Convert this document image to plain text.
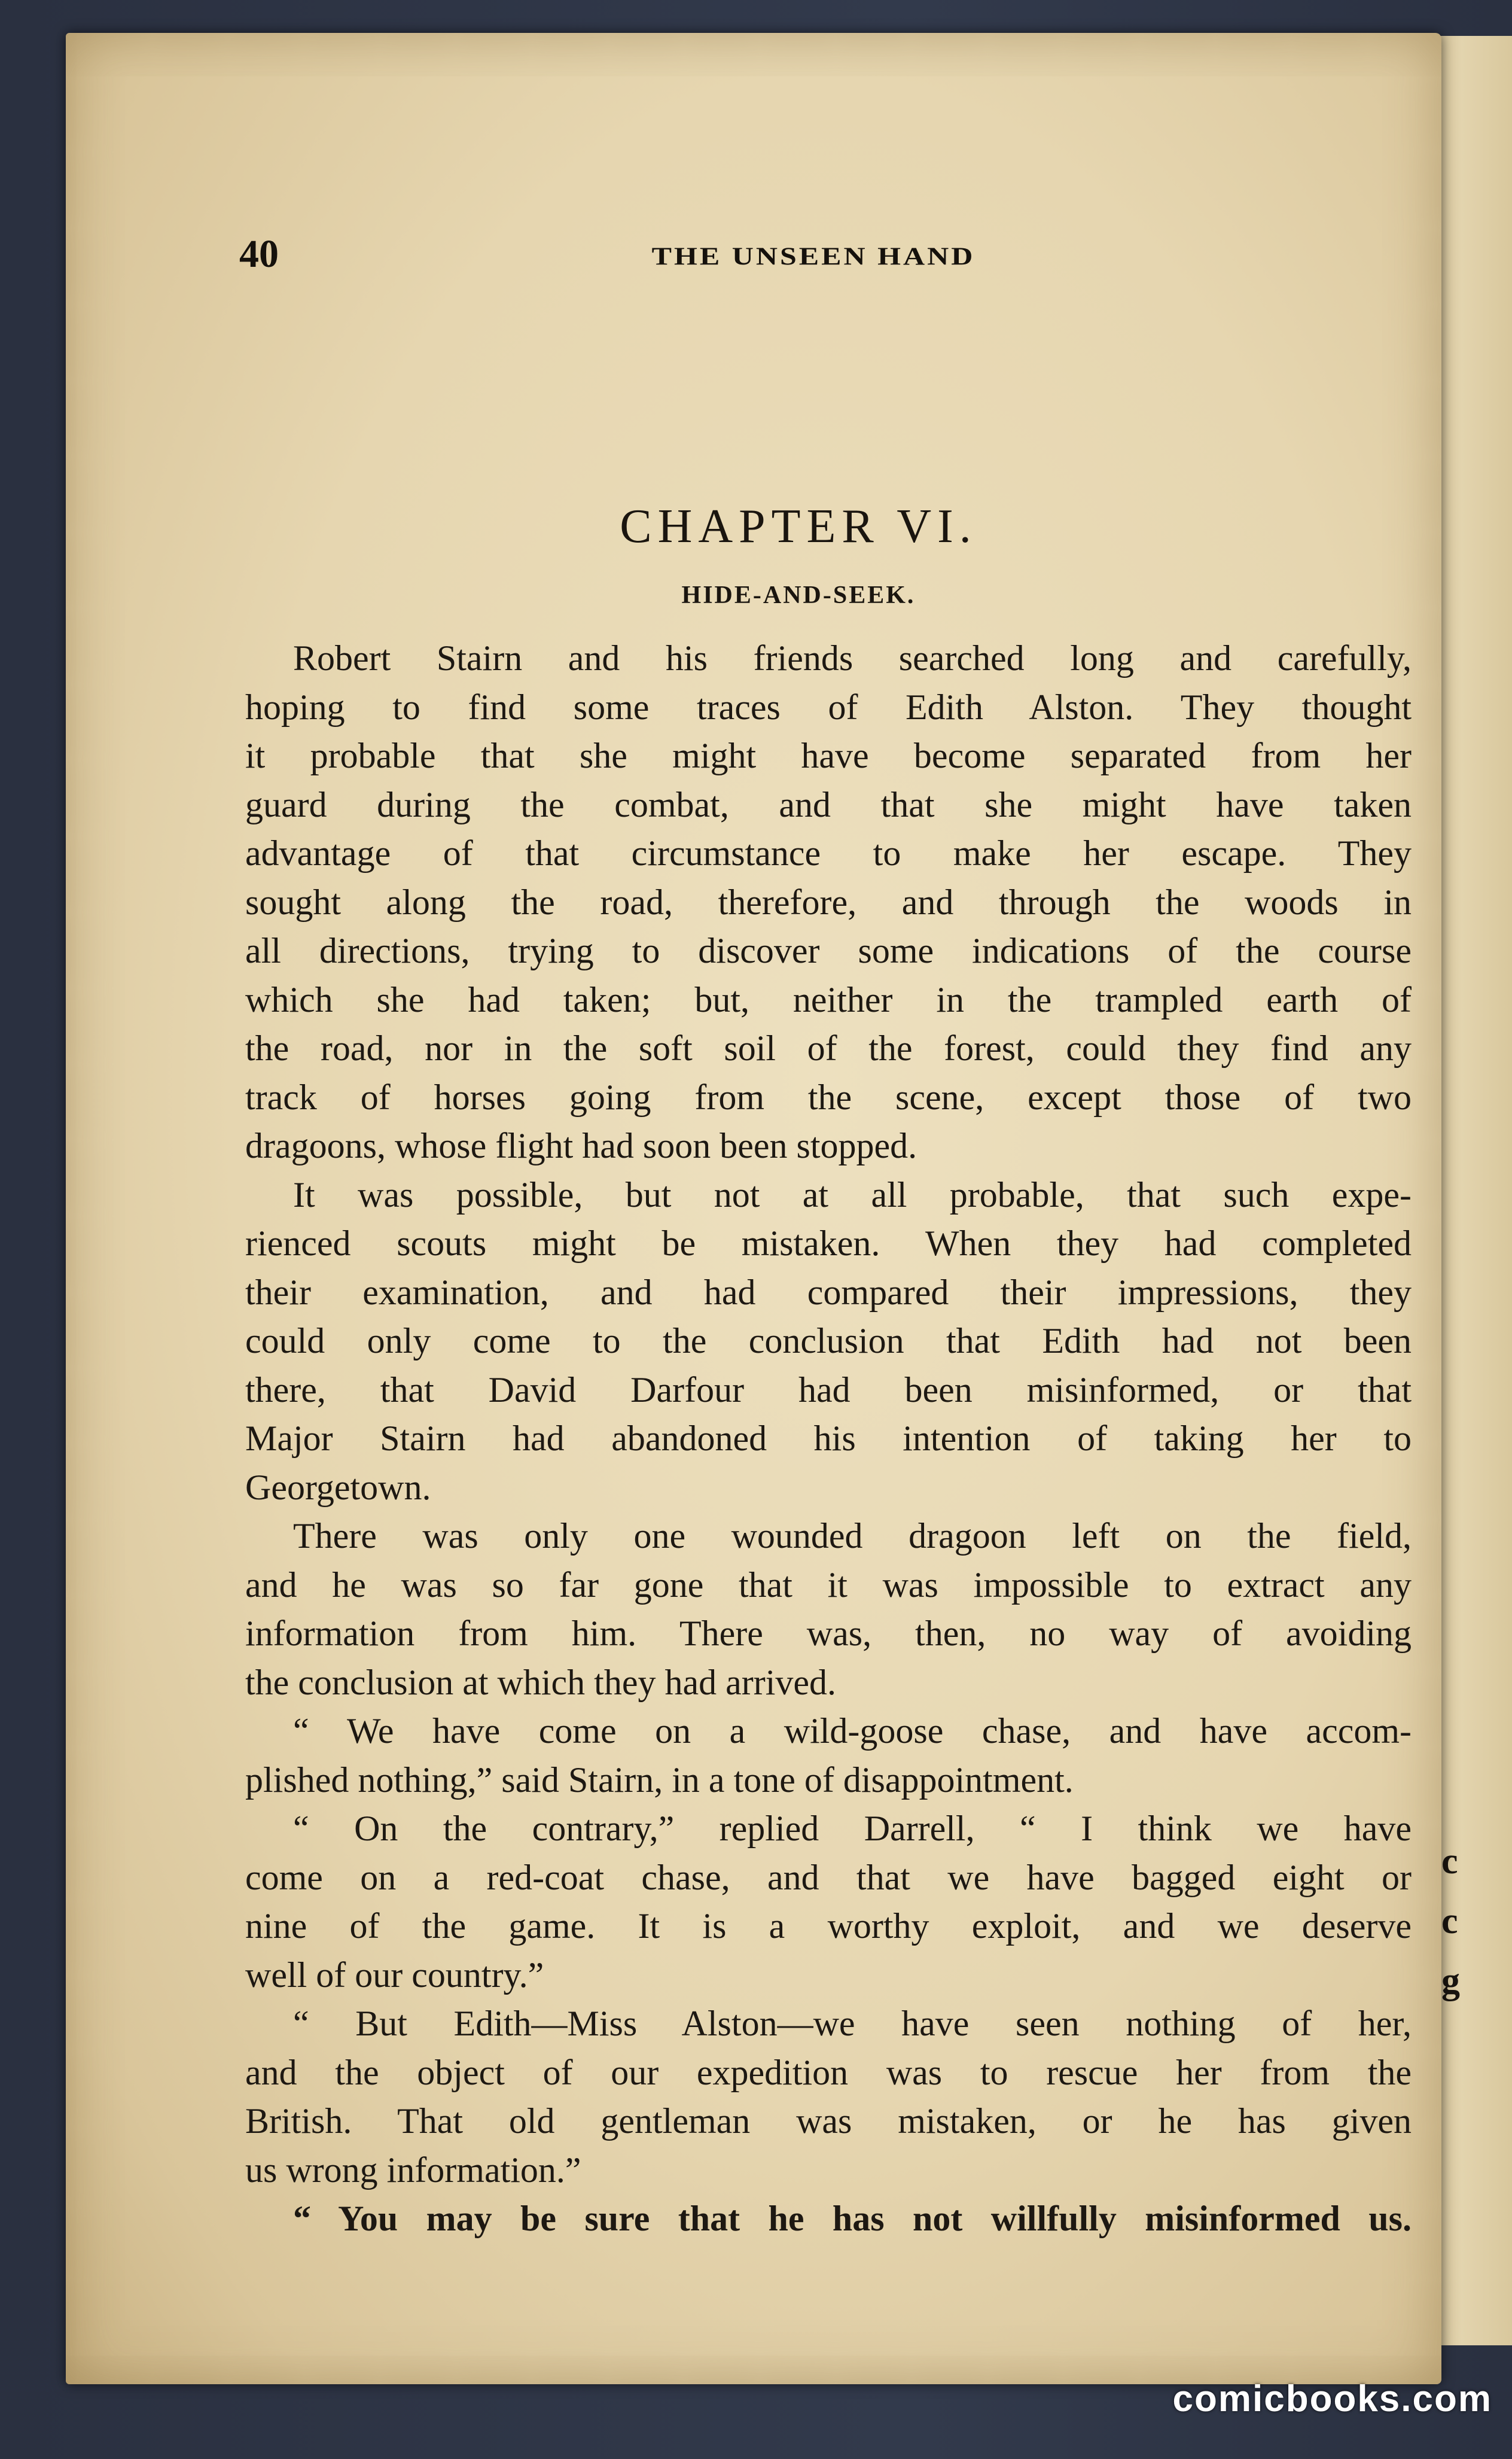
c
c
g
40	THE UNSEEN HAND
CHAPTER VI.
HIDE-AND-SEEK.
Robert Stairn and his friends searched long and carefully,
hoping to find some traces of Edith Alston. They thought
it probable that she might have become separated from her
guard during the combat, and that she might have taken
advantage of that circumstance to make her escape. They
sought along the road, therefore, and through the woods in
all directions, trying to discover some indications of the course
which she had taken; but, neither in the trampled earth of
the road, nor in the soft soil of the forest, could they find any
track of horses going from the scene, except those of two
dragoons, whose flight had soon been stopped.
It was possible, but not at all probable, that such expe-
rienced scouts might be mistaken. When they had completed
their examination, and had compared their impressions, they
could only come to the conclusion that Edith had not been
there, that David Darfour had been misinformed, or that
Major Stairn had abandoned his intention of taking her to
Georgetown.
There was only one wounded dragoon left on the field,
and he was so far gone that it was impossible to extract any
information from him. There was, then, no way of avoiding
the conclusion at which they had arrived.
“ We have come on a wild-goose chase, and have accom-
plished nothing,” said Stairn, in a tone of disappointment.
“ On the contrary,” replied Darrell, “ I think we have
come on a red-coat chase, and that we have bagged eight or
nine of the game. It is a worthy exploit, and we deserve
well of our country.”
“ But Edith—Miss Alston—we have seen nothing of her,
and the object of our expedition was to rescue her from the
British. That old gentleman was mistaken, or he has given
us wrong information.”
“ You may be sure that he has not willfully misinformed us.
comicbooks.com
